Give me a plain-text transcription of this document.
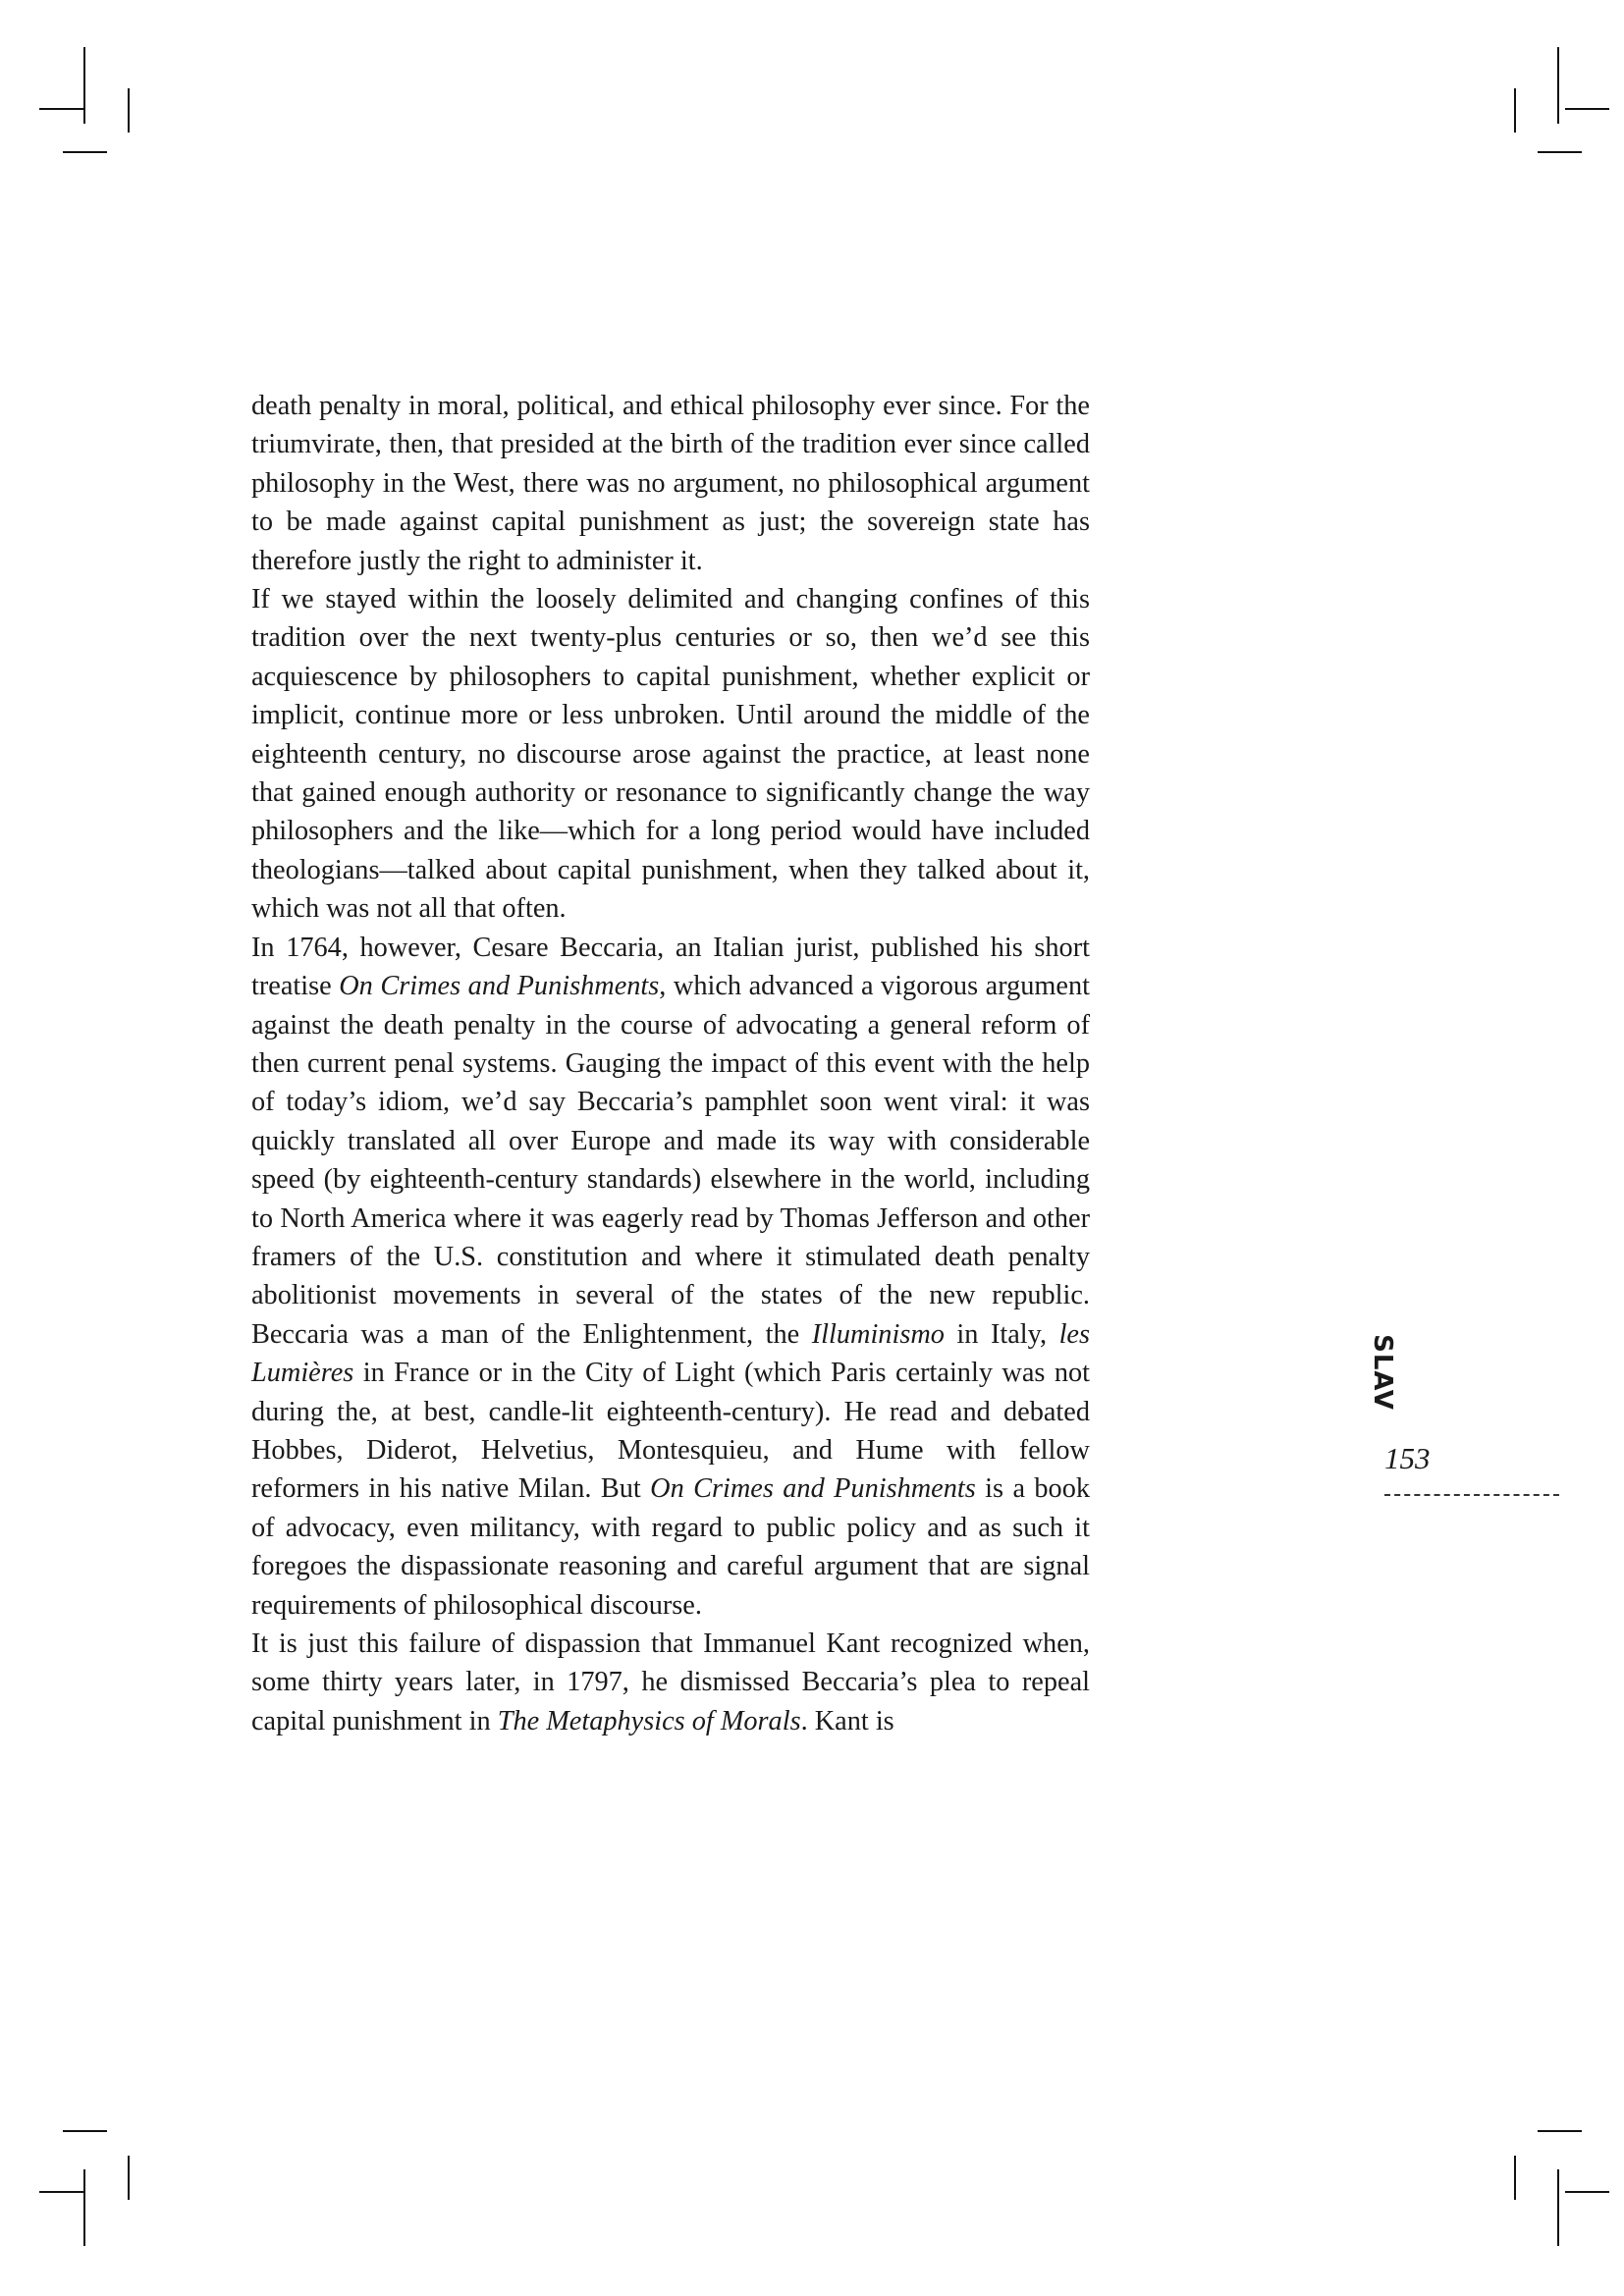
death penalty in moral, political, and ethical philosophy ever since. For the triumvirate, then, that presided at the birth of the tradition ever since called philosophy in the West, there was no argument, no philosophical argument to be made against capital punishment as just; the sovereign state has therefore justly the right to administer it.

If we stayed within the loosely delimited and changing confines of this tradition over the next twenty-plus centuries or so, then we’d see this acquiescence by philosophers to capital punishment, whether explicit or implicit, continue more or less unbroken. Until around the middle of the eighteenth century, no discourse arose against the practice, at least none that gained enough authority or resonance to significantly change the way philosophers and the like—which for a long period would have included theologians—talked about capital punishment, when they talked about it, which was not all that often.

In 1764, however, Cesare Beccaria, an Italian jurist, published his short treatise On Crimes and Punishments, which advanced a vigorous argument against the death penalty in the course of advocating a general reform of then current penal systems. Gauging the impact of this event with the help of today’s idiom, we’d say Beccaria’s pamphlet soon went viral: it was quickly translated all over Europe and made its way with considerable speed (by eighteenth-century standards) elsewhere in the world, including to North America where it was eagerly read by Thomas Jefferson and other framers of the U.S. constitution and where it stimulated death penalty abolitionist movements in several of the states of the new republic. Beccaria was a man of the Enlightenment, the Illuminismo in Italy, les Lumières in France or in the City of Light (which Paris certainly was not during the, at best, candle-lit eighteenth-century). He read and debated Hobbes, Diderot, Helvetius, Montesquieu, and Hume with fellow reformers in his native Milan. But On Crimes and Punishments is a book of advocacy, even militancy, with regard to public policy and as such it foregoes the dispassionate reasoning and careful argument that are signal requirements of philosophical discourse.

It is just this failure of dispassion that Immanuel Kant recognized when, some thirty years later, in 1797, he dismissed Beccaria’s plea to repeal capital punishment in The Metaphysics of Morals. Kant is

SLAV
153
